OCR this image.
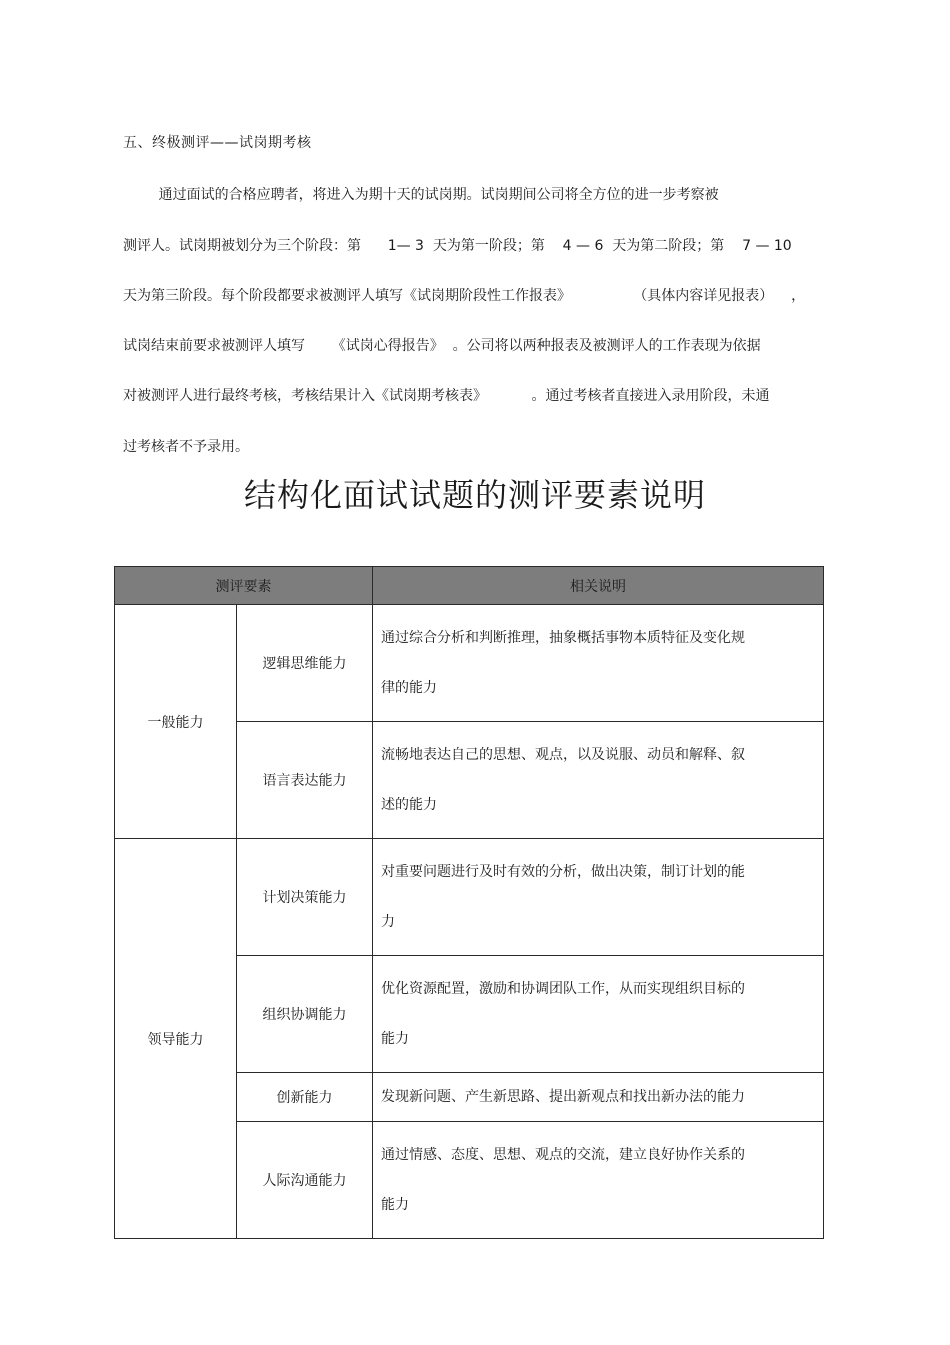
五、终极测评——试岗期考核
通过面试的合格应聘者，将进入为期十天的试岗期。试岗期间公司将全方位的进一步考察被
测评人。试岗期被划分为三个阶段：第      1— 3  天为第一阶段；第    4 — 6  天为第二阶段；第    7 — 10
天为第三阶段。每个阶段都要求被测评人填写《试岗期阶段性工作报表》              （具体内容详见报表）    ，
试岗结束前要求被测评人填写      《试岗心得报告》  。公司将以两种报表及被测评人的工作表现为依据
对被测评人进行最终考核，考核结果计入《试岗期考核表》          。通过考核者直接进入录用阶段，未通
过考核者不予录用。
结构化面试试题的测评要素说明
测评要素		相关说明
一般能力	逻辑思维能力	通过综合分析和判断推理，抽象概括事物本质特征及变化规
律的能力

	语言表达能力	流畅地表达自己的思想、观点，以及说服、动员和解释、叙
述的能力

领导能力	计划决策能力	对重要问题进行及时有效的分析，做出决策，制订计划的能
力

	组织协调能力	优化资源配置，激励和协调团队工作，从而实现组织目标的
能力

	创新能力	发现新问题、产生新思路、提出新观点和找出新办法的能力

	人际沟通能力	通过情感、态度、思想、观点的交流，建立良好协作关系的
能力
